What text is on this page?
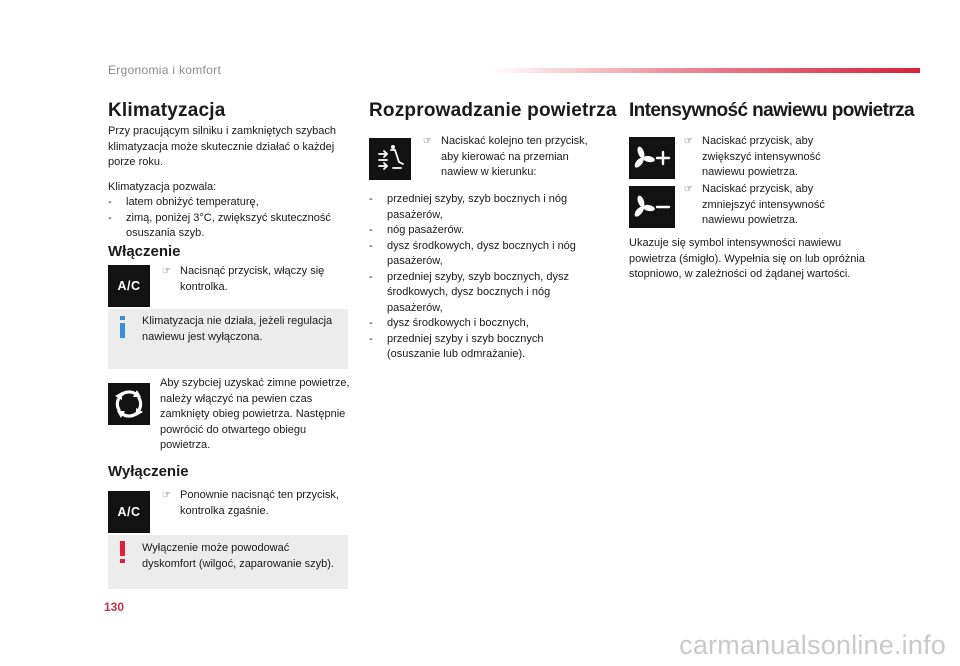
Ergonomia i komfort
Klimatyzacja

Przy pracującym silniku i zamkniętych szybach klimatyzacja może skutecznie działać o każdej porze roku.

Klimatyzacja pozwala:

- latem obniżyć temperaturę,
- zimą, poniżej 3°C, zwiększyć skuteczność osuszania szyb.
Włączenie
A/C
☞ Nacisnąć przycisk, włączy się kontrolka.
Klimatyzacja nie działa, jeżeli regulacja nawiewu jest wyłączona.

Aby szybciej uzyskać zimne powietrze, należy włączyć na pewien czas zamknięty obieg powietrza. Następnie powrócić do otwartego obiegu powietrza.

Wyłączenie
A/C
☞ Ponownie nacisnąć ten przycisk, kontrolka zgaśnie.
Wyłączenie może powodować dyskomfort (wilgoć, zaparowanie szyb).
Rozprowadzanie powietrza
☞ Naciskać kolejno ten przycisk, aby kierować na przemian nawiew w kierunku:
- przedniej szyby, szyb bocznych i nóg pasażerów,
- nóg pasażerów.
- dysz środkowych, dysz bocznych i nóg pasażerów,
- przedniej szyby, szyb bocznych, dysz środkowych, dysz bocznych i nóg pasażerów,
- dysz środkowych i bocznych,
- przedniej szyby i szyb bocznych (osuszanie lub odmrażanie).
Intensywność nawiewu powietrza
☞ Naciskać przycisk, aby zwiększyć intensywność nawiewu powietrza.
☞ Naciskać przycisk, aby zmniejszyć intensywność nawiewu powietrza.

Ukazuje się symbol intensywności nawiewu powietrza (śmigło). Wypełnia się on lub opróżnia stopniowo, w zależności od żądanej wartości.

130
carmanualsonline.info
